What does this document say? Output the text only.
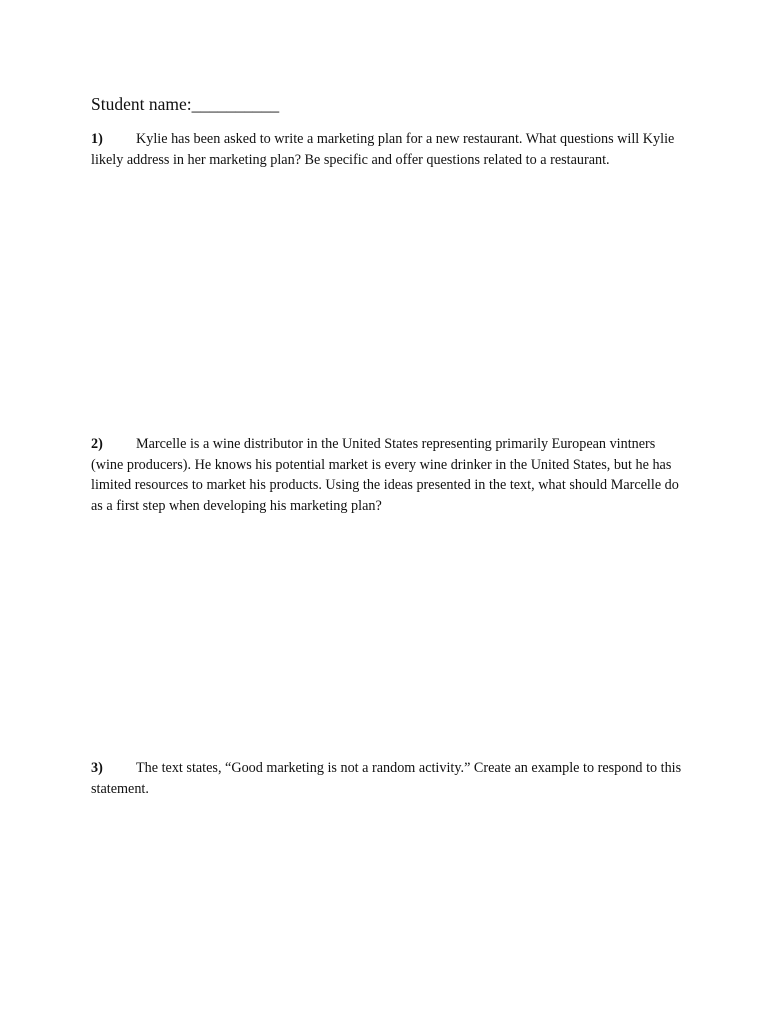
Student name:__________
1) Kylie has been asked to write a marketing plan for a new restaurant. What questions will Kylie likely address in her marketing plan? Be specific and offer questions related to a restaurant.
2) Marcelle is a wine distributor in the United States representing primarily European vintners (wine producers). He knows his potential market is every wine drinker in the United States, but he has limited resources to market his products. Using the ideas presented in the text, what should Marcelle do as a first step when developing his marketing plan?
3) The text states, “Good marketing is not a random activity.” Create an example to respond to this statement.
